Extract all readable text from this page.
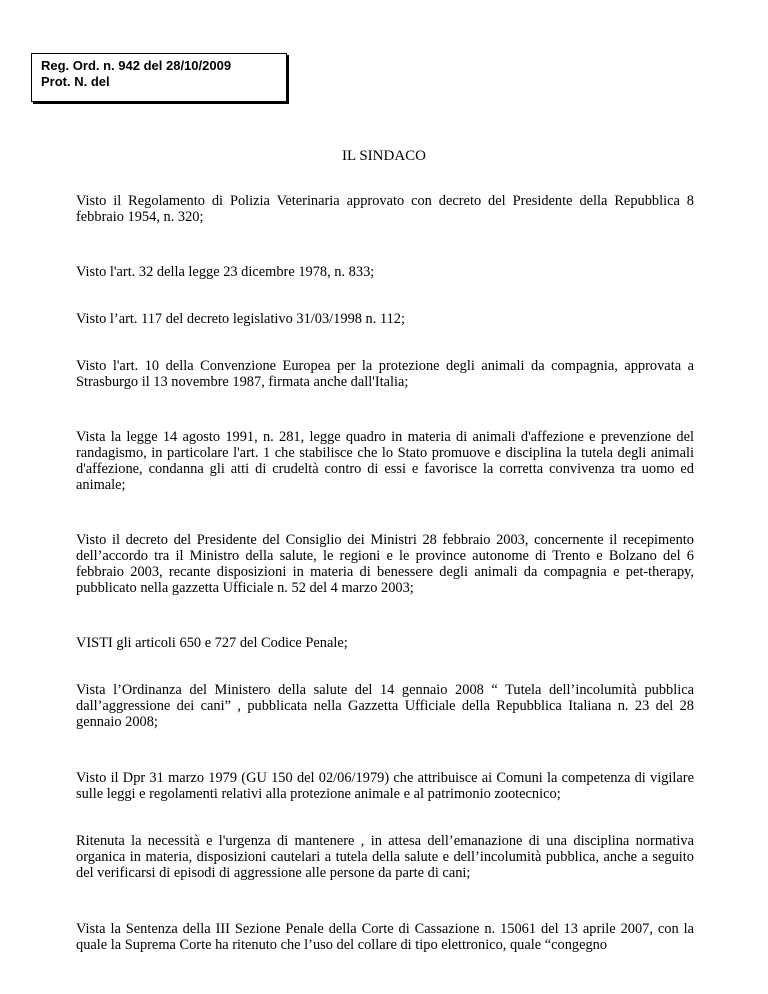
Reg. Ord. n. 942 del 28/10/2009
Prot. N. del
IL SINDACO

Visto il Regolamento di Polizia Veterinaria approvato con decreto del Presidente della Repubblica 8 febbraio 1954, n. 320;

Visto l'art. 32 della legge 23 dicembre 1978, n. 833;

Visto l’art. 117 del decreto legislativo 31/03/1998 n. 112;

Visto l'art. 10 della Convenzione Europea per la protezione degli animali da compagnia, approvata a Strasburgo il 13 novembre 1987, firmata anche dall'Italia;

Vista la legge 14 agosto 1991, n. 281, legge quadro in materia di animali d'affezione e prevenzione del randagismo, in particolare l'art. 1 che stabilisce che lo Stato promuove e disciplina la tutela degli animali d'affezione, condanna gli atti di crudeltà contro di essi e favorisce la corretta convivenza tra uomo ed animale;

Visto il decreto del Presidente del Consiglio dei Ministri 28 febbraio 2003, concernente il recepimento dell’accordo tra il Ministro della salute, le regioni e le province autonome di Trento e Bolzano del 6 febbraio 2003, recante disposizioni in materia di benessere degli animali da compagnia e pet-therapy, pubblicato nella gazzetta Ufficiale n. 52 del 4 marzo 2003;

VISTI gli articoli 650 e 727 del Codice Penale;

Vista l’Ordinanza del Ministero della salute del 14 gennaio 2008 “ Tutela dell’incolumità pubblica dall’aggressione dei cani” , pubblicata nella Gazzetta Ufficiale della Repubblica Italiana n. 23 del 28 gennaio 2008;

Visto il Dpr 31 marzo 1979 (GU 150 del 02/06/1979) che attribuisce ai Comuni la competenza di vigilare sulle leggi e regolamenti relativi alla protezione animale e al patrimonio zootecnico;

Ritenuta la necessità e l'urgenza di mantenere , in attesa dell’emanazione di una disciplina normativa organica in materia, disposizioni cautelari a tutela della salute e dell’incolumità pubblica, anche a seguito del verificarsi di episodi di aggressione alle persone da parte di cani;

Vista la Sentenza della III Sezione Penale della Corte di Cassazione n. 15061 del 13 aprile 2007, con la quale la Suprema Corte ha ritenuto che l’uso del collare di tipo elettronico, quale “congegno
